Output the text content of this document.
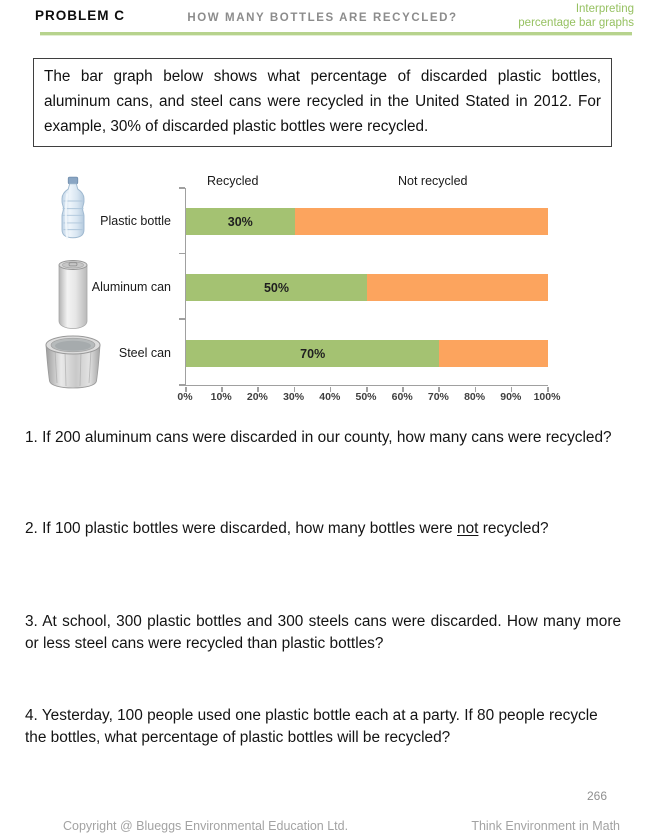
PROBLEM C	HOW MANY BOTTLES ARE RECYCLED?
Interpreting
percentage bar graphs

The bar graph below shows what percentage of discarded plastic bottles, aluminum cans, and steel cans were recycled in the United Stated in 2012. For example, 30% of discarded plastic bottles were recycled.

Recycled	Not recycled
Plastic bottle
Aluminum can
Steel can
30%
50%
70%
0% 10% 20% 30% 40% 50% 60% 70% 80% 90% 100%

1. If 200 aluminum cans were discarded in our county, how many cans were recycled?

2. If 100 plastic bottles were discarded, how many bottles were not recycled?

3. At school, 300 plastic bottles and 300 steels cans were discarded. How many more or less steel cans were recycled than plastic bottles?

4. Yesterday, 100 people used one plastic bottle each at a party. If 80 people recycle the bottles, what percentage of plastic bottles will be recycled?

266
Copyright @ Blueggs Environmental Education Ltd.	Think Environment in Math
